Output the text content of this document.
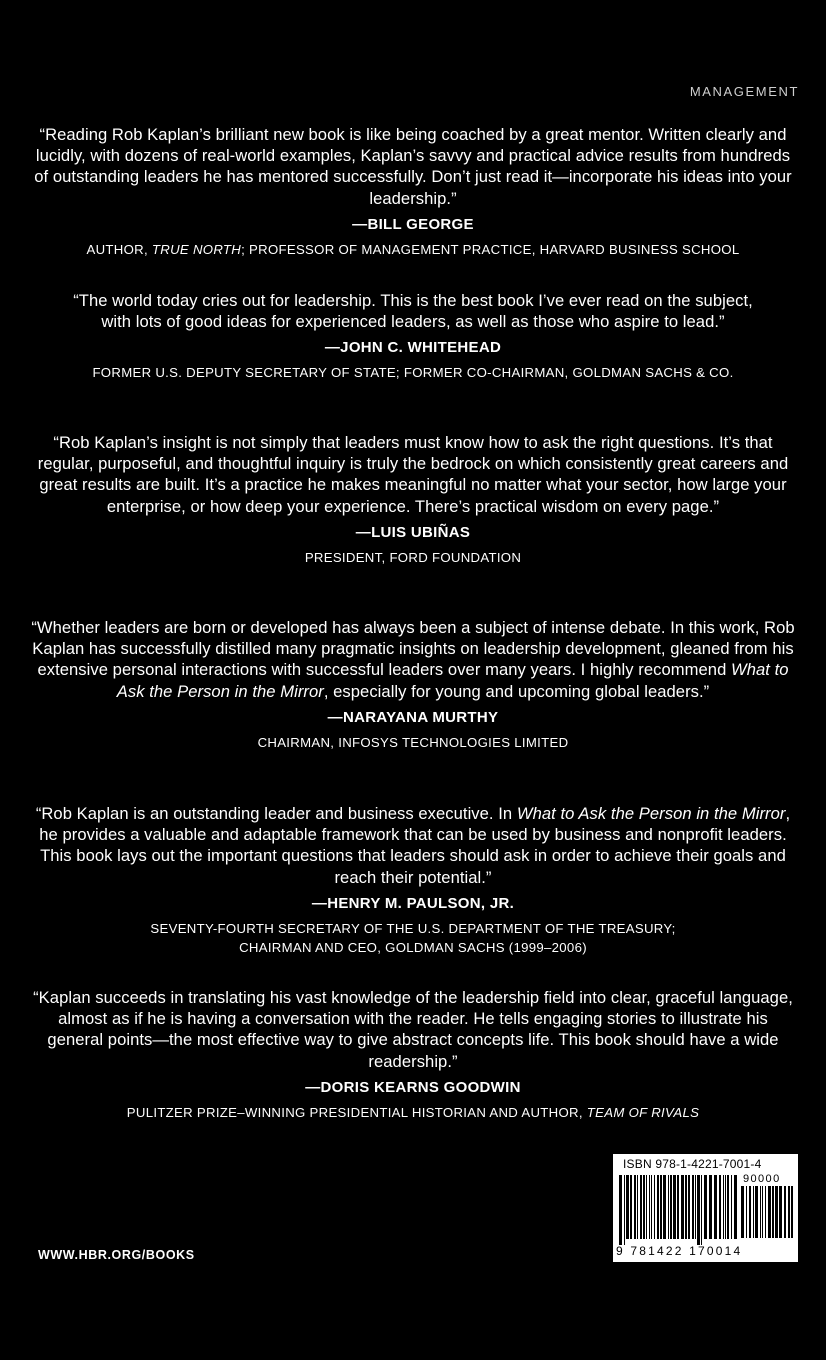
MANAGEMENT

“Reading Rob Kaplan’s brilliant new book is like being coached by a great mentor. Written clearly and lucidly, with dozens of real-world examples, Kaplan’s savvy and practical advice results from hundreds of outstanding leaders he has mentored successfully. Don’t just read it—incorporate his ideas into your leadership.”

—BILL GEORGE
AUTHOR, TRUE NORTH; PROFESSOR OF MANAGEMENT PRACTICE, HARVARD BUSINESS SCHOOL

“The world today cries out for leadership. This is the best book I’ve ever read on the subject, with lots of good ideas for experienced leaders, as well as those who aspire to lead.”

—JOHN C. WHITEHEAD
FORMER U.S. DEPUTY SECRETARY OF STATE; FORMER CO-CHAIRMAN, GOLDMAN SACHS & CO.

“Rob Kaplan’s insight is not simply that leaders must know how to ask the right questions. It’s that regular, purposeful, and thoughtful inquiry is truly the bedrock on which consistently great careers and great results are built. It’s a practice he makes meaningful no matter what your sector, how large your enterprise, or how deep your experience. There’s practical wisdom on every page.”

—LUIS UBIÑAS
PRESIDENT, FORD FOUNDATION

“Whether leaders are born or developed has always been a subject of intense debate. In this work, Rob Kaplan has successfully distilled many pragmatic insights on leadership development, gleaned from his extensive personal interactions with successful leaders over many years. I highly recommend What to Ask the Person in the Mirror, especially for young and upcoming global leaders.”

—NARAYANA MURTHY
CHAIRMAN, INFOSYS TECHNOLOGIES LIMITED

“Rob Kaplan is an outstanding leader and business executive. In What to Ask the Person in the Mirror, he provides a valuable and adaptable framework that can be used by business and nonprofit leaders. This book lays out the important questions that leaders should ask in order to achieve their goals and reach their potential.”

—HENRY M. PAULSON, JR.
SEVENTY-FOURTH SECRETARY OF THE U.S. DEPARTMENT OF THE TREASURY;
CHAIRMAN AND CEO, GOLDMAN SACHS (1999–2006)

“Kaplan succeeds in translating his vast knowledge of the leadership field into clear, graceful language, almost as if he is having a conversation with the reader. He tells engaging stories to illustrate his general points—the most effective way to give abstract concepts life. This book should have a wide readership.”

—DORIS KEARNS GOODWIN
PULITZER PRIZE–WINNING PRESIDENTIAL HISTORIAN AND AUTHOR, TEAM OF RIVALS
WWW.HBR.ORG/BOOKS
ISBN 978-1-4221-7001-4
90000
9 781422 170014
